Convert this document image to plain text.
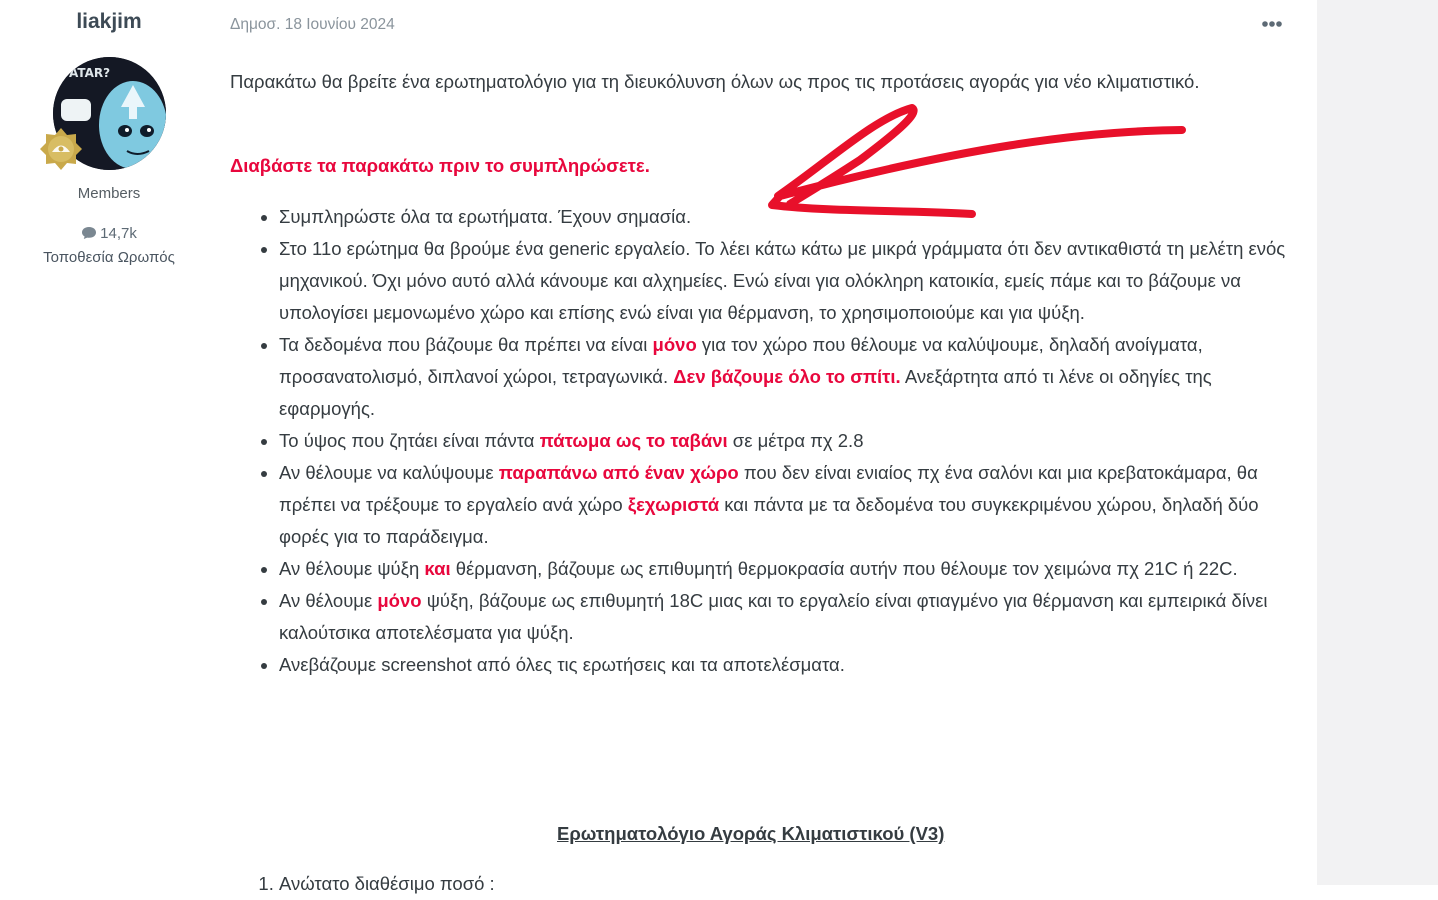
liakjim
ATAR?
Members
14,7k
Τοποθεσία Ωρωπός
Δημοσ. 18 Ιουνίου 2024

Παρακάτω θα βρείτε ένα ερωτηματολόγιο για τη διευκόλυνση όλων ως προς τις προτάσεις αγοράς για νέο κλιματιστικό.

Διαβάστε τα παρακάτω πριν το συμπληρώσετε.

• Συμπληρώστε όλα τα ερωτήματα. Έχουν σημασία.
• Στο 11ο ερώτημα θα βρούμε ένα generic εργαλείο. Το λέει κάτω κάτω με μικρά γράμματα ότι δεν αντικαθιστά τη μελέτη ενός μηχανικού. Όχι μόνο αυτό αλλά κάνουμε και αλχημείες. Ενώ είναι για ολόκληρη κατοικία, εμείς πάμε και το βάζουμε να υπολογίσει μεμονωμένο χώρο και επίσης ενώ είναι για θέρμανση, το χρησιμοποιούμε και για ψύξη.
• Τα δεδομένα που βάζουμε θα πρέπει να είναι μόνο για τον χώρο που θέλουμε να καλύψουμε, δηλαδή ανοίγματα, προσανατολισμό, διπλανοί χώροι, τετραγωνικά. Δεν βάζουμε όλο το σπίτι. Ανεξάρτητα από τι λένε οι οδηγίες της εφαρμογής.
• Το ύψος που ζητάει είναι πάντα πάτωμα ως το ταβάνι σε μέτρα πχ 2.8
• Αν θέλουμε να καλύψουμε παραπάνω από έναν χώρο που δεν είναι ενιαίος πχ ένα σαλόνι και μια κρεβατοκάμαρα, θα πρέπει να τρέξουμε το εργαλείο ανά χώρο ξεχωριστά και πάντα με τα δεδομένα του συγκεκριμένου χώρου, δηλαδή δύο φορές για το παράδειγμα.
• Αν θέλουμε ψύξη και θέρμανση, βάζουμε ως επιθυμητή θερμοκρασία αυτήν που θέλουμε τον χειμώνα πχ 21C ή 22C.
• Αν θέλουμε μόνο ψύξη, βάζουμε ως επιθυμητή 18C μιας και το εργαλείο είναι φτιαγμένο για θέρμανση και εμπειρικά δίνει καλούτσικα αποτελέσματα για ψύξη.
• Ανεβάζουμε screenshot από όλες τις ερωτήσεις και τα αποτελέσματα.

Ερωτηματολόγιο Αγοράς Κλιματιστικού (V3)

1. Ανώτατο διαθέσιμο ποσό :
